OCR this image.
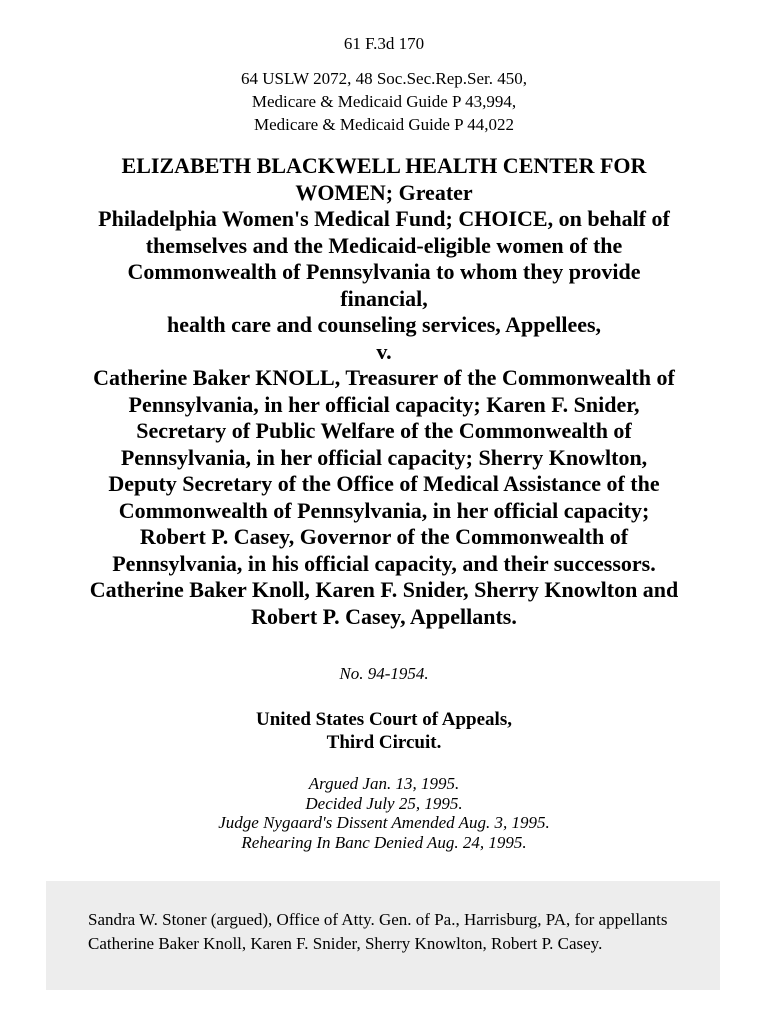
61 F.3d 170
64 USLW 2072, 48 Soc.Sec.Rep.Ser. 450,
Medicare & Medicaid Guide P 43,994,
Medicare & Medicaid Guide P 44,022
ELIZABETH BLACKWELL HEALTH CENTER FOR
WOMEN; Greater
Philadelphia Women's Medical Fund; CHOICE, on behalf of
themselves and the Medicaid-eligible women of the
Commonwealth of Pennsylvania to whom they provide
financial,
health care and counseling services, Appellees,
v.
Catherine Baker KNOLL, Treasurer of the Commonwealth of
Pennsylvania, in her official capacity; Karen F. Snider,
Secretary of Public Welfare of the Commonwealth of
Pennsylvania, in her official capacity; Sherry Knowlton,
Deputy Secretary of the Office of Medical Assistance of the
Commonwealth of Pennsylvania, in her official capacity;
Robert P. Casey, Governor of the Commonwealth of
Pennsylvania, in his official capacity, and their successors.
Catherine Baker Knoll, Karen F. Snider, Sherry Knowlton and
Robert P. Casey, Appellants.
No. 94-1954.
United States Court of Appeals,
Third Circuit.
Argued Jan. 13, 1995.
Decided July 25, 1995.
Judge Nygaard's Dissent Amended Aug. 3, 1995.
Rehearing In Banc Denied Aug. 24, 1995.
Sandra W. Stoner (argued), Office of Atty. Gen. of Pa., Harrisburg, PA, for appellants Catherine Baker Knoll, Karen F. Snider, Sherry Knowlton, Robert P. Casey.
